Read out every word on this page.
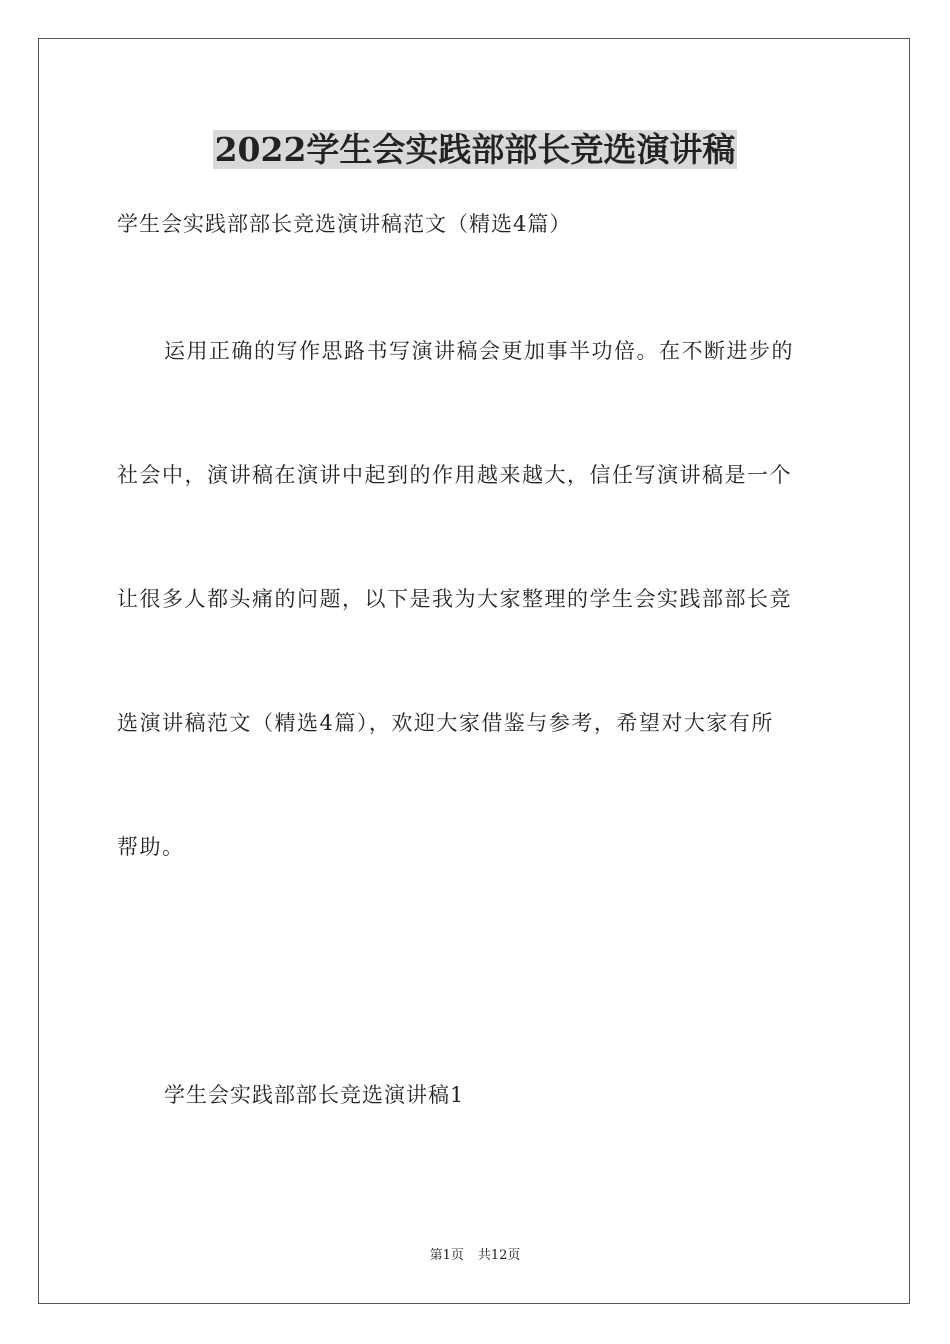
2022学生会实践部部长竞选演讲稿
学生会实践部部长竞选演讲稿范文（精选4篇）
运用正确的写作思路书写演讲稿会更加事半功倍。在不断进步的
社会中，演讲稿在演讲中起到的作用越来越大，信任写演讲稿是一个
让很多人都头痛的问题，以下是我为大家整理的学生会实践部部长竞
选演讲稿范文（精选4篇），欢迎大家借鉴与参考，希望对大家有所
帮助。
学生会实践部部长竞选演讲稿1
第1页 共12页
